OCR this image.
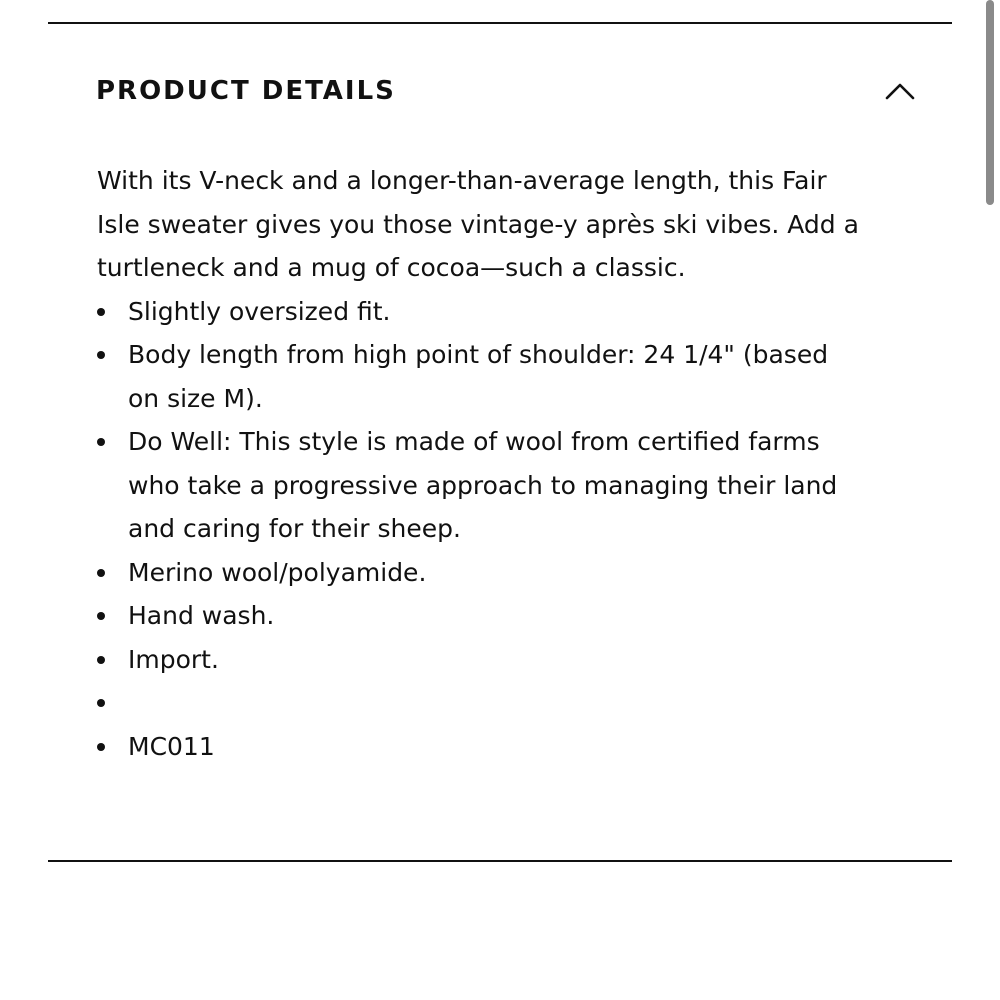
PRODUCT DETAILS

With its V-neck and a longer-than-average length, this Fair Isle sweater gives you those vintage-y après ski vibes. Add a turtleneck and a mug of cocoa—such a classic.

Slightly oversized fit.
Body length from high point of shoulder: 24 1/4" (based on size M).
Do Well: This style is made of wool from certified farms who take a progressive approach to managing their land and caring for their sheep.
Merino wool/polyamide.
Hand wash.
Import.
MC011
